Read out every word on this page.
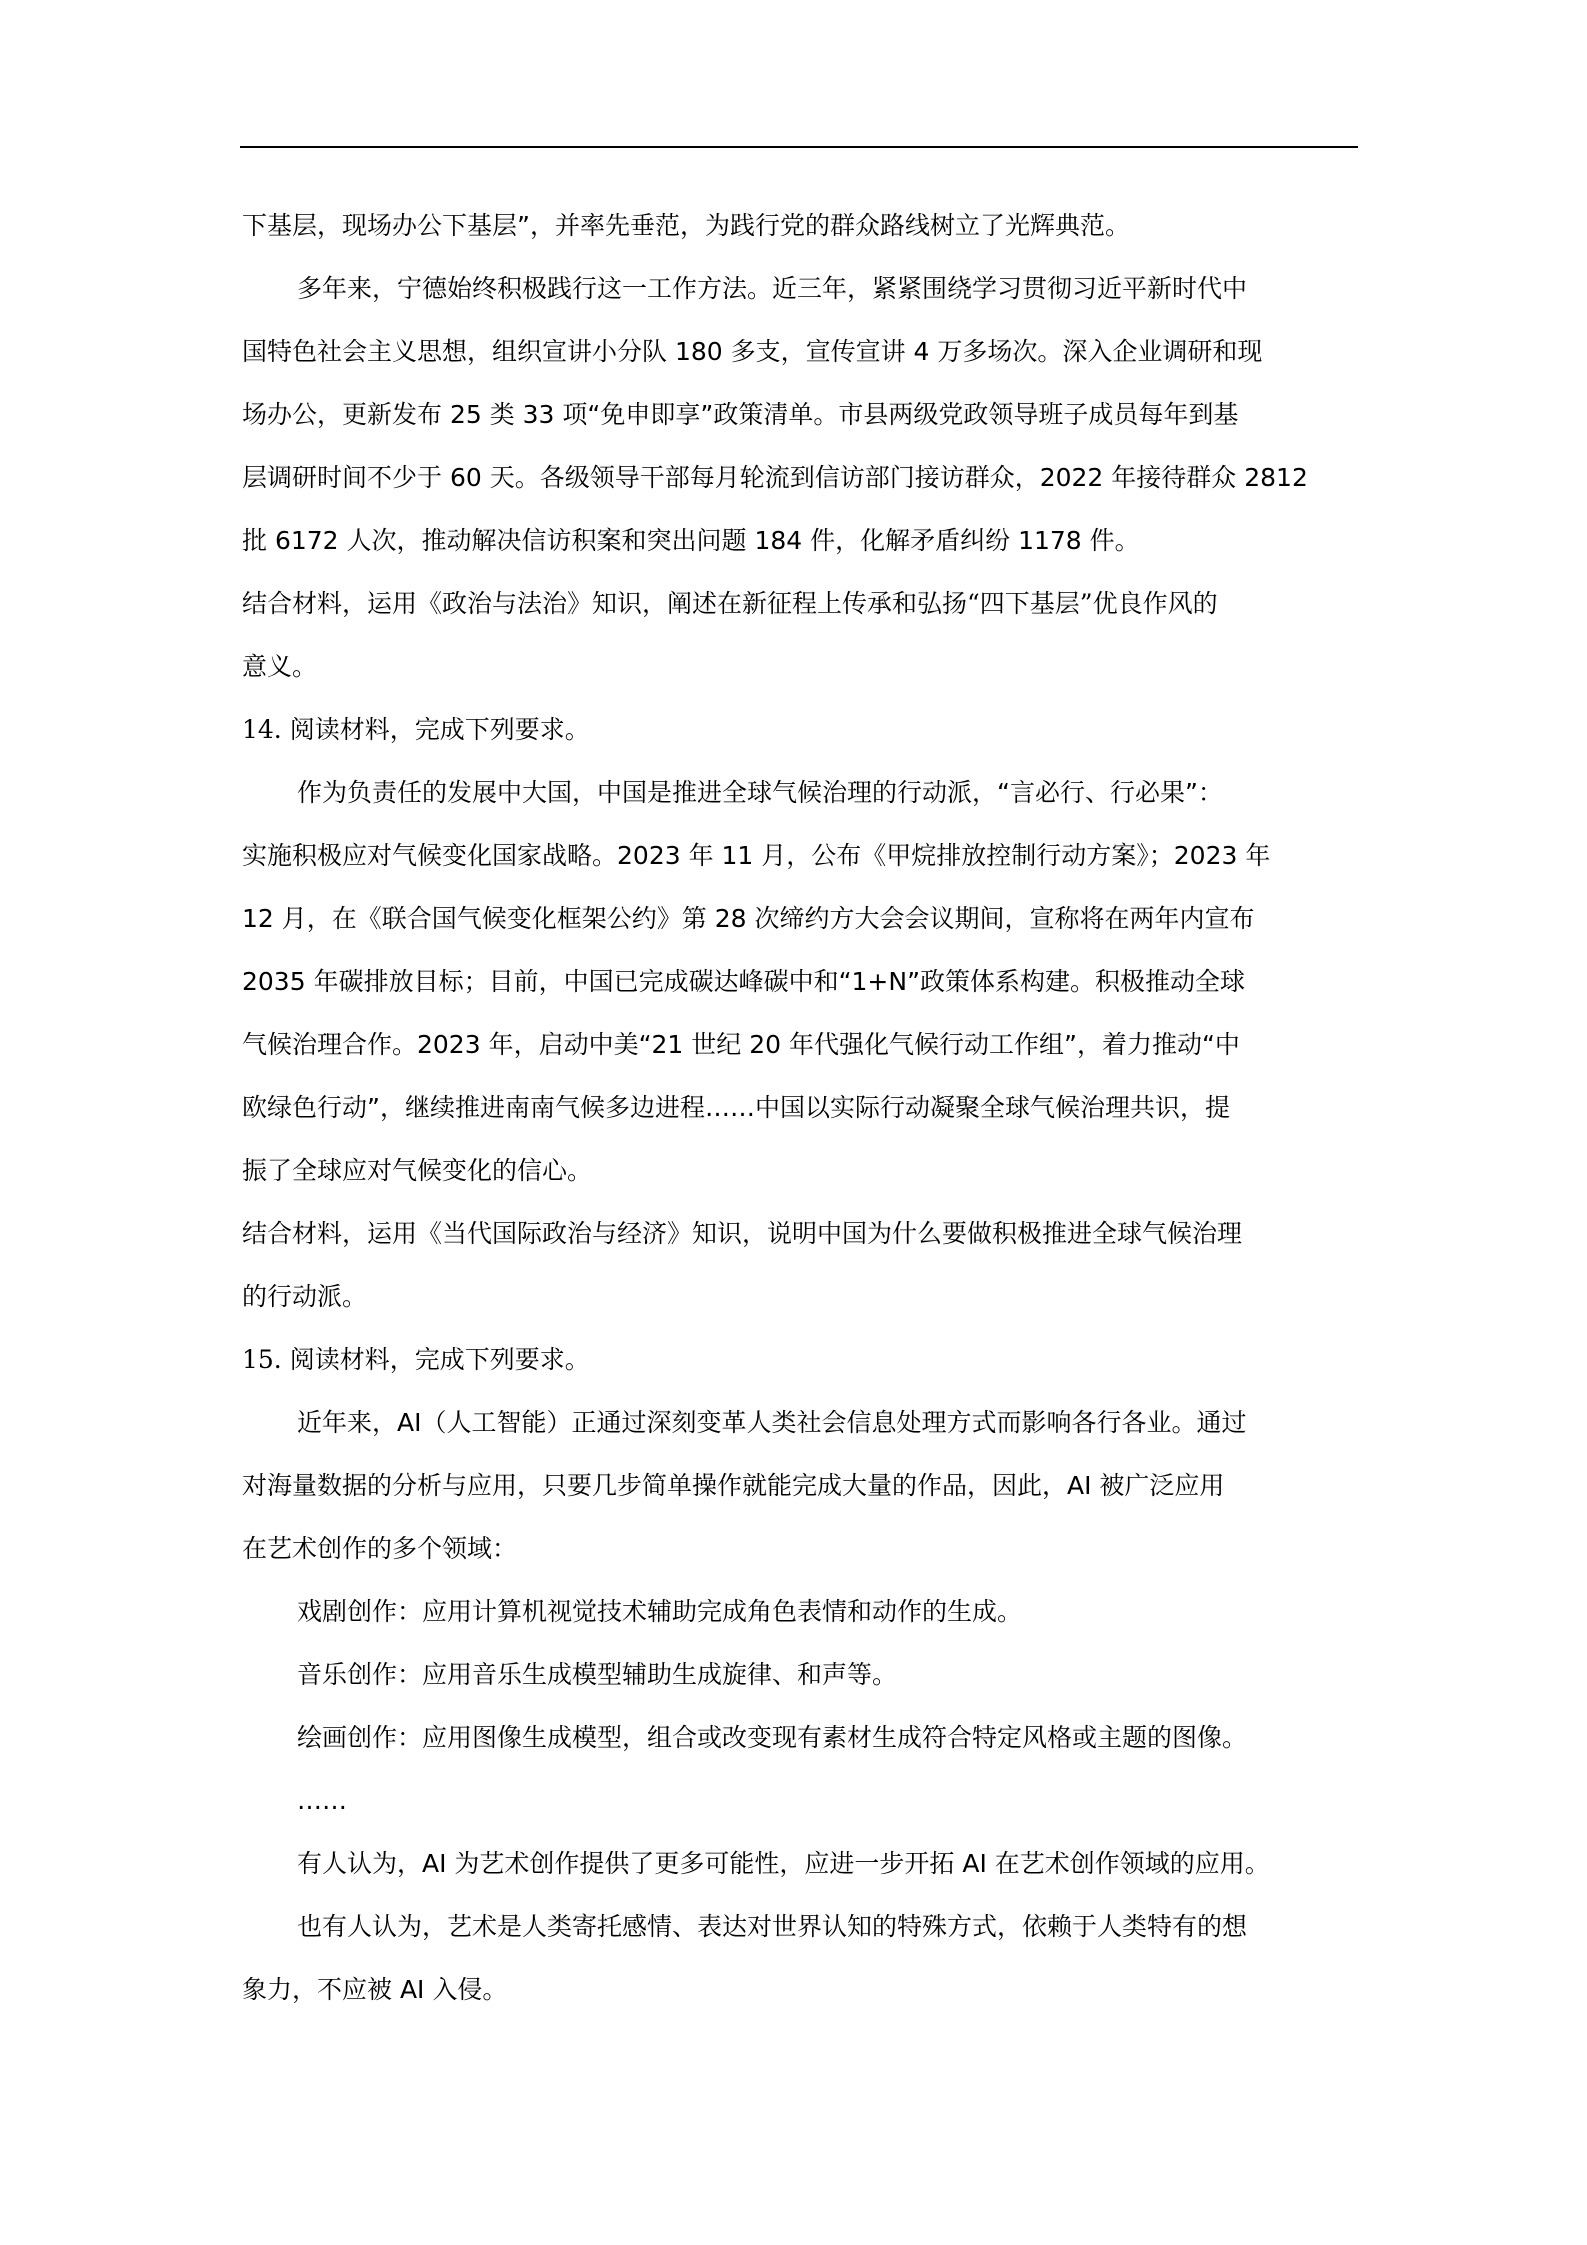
下基层，现场办公下基层”，并率先垂范，为践行党的群众路线树立了光辉典范。
多年来，宁德始终积极践行这一工作方法。近三年，紧紧围绕学习贯彻习近平新时代中
国特色社会主义思想，组织宣讲小分队 180 多支，宣传宣讲 4 万多场次。深入企业调研和现
场办公，更新发布 25 类 33 项“免申即享”政策清单。市县两级党政领导班子成员每年到基
层调研时间不少于 60 天。各级领导干部每月轮流到信访部门接访群众，2022 年接待群众 2812
批 6172 人次，推动解决信访积案和突出问题 184 件，化解矛盾纠纷 1178 件。
结合材料，运用《政治与法治》知识，阐述在新征程上传承和弘扬“四下基层”优良作风的
意义。
14. 阅读材料，完成下列要求。
作为负责任的发展中大国，中国是推进全球气候治理的行动派，“言必行、行必果”：
实施积极应对气候变化国家战略。2023 年 11 月，公布《甲烷排放控制行动方案》；2023 年
12 月，在《联合国气候变化框架公约》第 28 次缔约方大会会议期间，宣称将在两年内宣布
2035 年碳排放目标；目前，中国已完成碳达峰碳中和“1+N”政策体系构建。积极推动全球
气候治理合作。2023 年，启动中美“21 世纪 20 年代强化气候行动工作组”，着力推动“中
欧绿色行动”，继续推进南南气候多边进程……中国以实际行动凝聚全球气候治理共识，提
振了全球应对气候变化的信心。
结合材料，运用《当代国际政治与经济》知识，说明中国为什么要做积极推进全球气候治理
的行动派。
15. 阅读材料，完成下列要求。
近年来，AI（人工智能）正通过深刻变革人类社会信息处理方式而影响各行各业。通过
对海量数据的分析与应用，只要几步简单操作就能完成大量的作品，因此，AI 被广泛应用
在艺术创作的多个领域：
戏剧创作：应用计算机视觉技术辅助完成角色表情和动作的生成。
音乐创作：应用音乐生成模型辅助生成旋律、和声等。
绘画创作：应用图像生成模型，组合或改变现有素材生成符合特定风格或主题的图像。
……
有人认为，AI 为艺术创作提供了更多可能性，应进一步开拓 AI 在艺术创作领域的应用。
也有人认为，艺术是人类寄托感情、表达对世界认知的特殊方式，依赖于人类特有的想
象力，不应被 AI 入侵。
